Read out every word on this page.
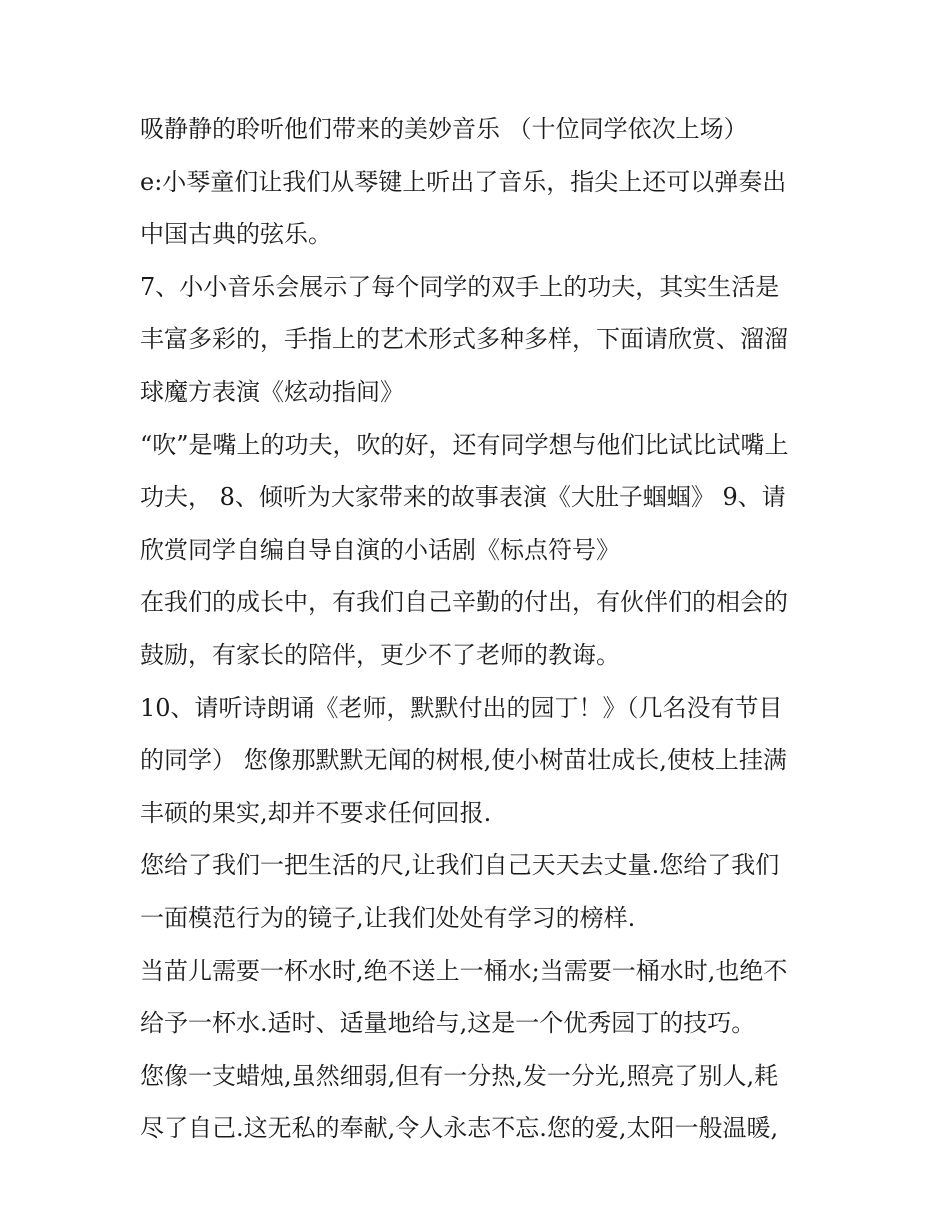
吸静静的聆听他们带来的美妙音乐 （十位同学依次上场）
e:小琴童们让我们从琴键上听出了音乐，指尖上还可以弹奏出
中国古典的弦乐。
7、小小音乐会展示了每个同学的双手上的功夫，其实生活是
丰富多彩的，手指上的艺术形式多种多样，下面请欣赏、溜溜
球魔方表演《炫动指间》
“吹”是嘴上的功夫，吹的好，还有同学想与他们比试比试嘴上
功夫， 8、倾听为大家带来的故事表演《大肚子蝈蝈》 9、请
欣赏同学自编自导自演的小话剧《标点符号》
在我们的成长中，有我们自己辛勤的付出，有伙伴们的相会的
鼓励，有家长的陪伴，更少不了老师的教诲。
10、请听诗朗诵《老师，默默付出的园丁！》（几名没有节目
的同学） 您像那默默无闻的树根,使小树苗壮成长,使枝上挂满
丰硕的果实,却并不要求任何回报.
您给了我们一把生活的尺,让我们自己天天去丈量.您给了我们
一面模范行为的镜子,让我们处处有学习的榜样.
当苗儿需要一杯水时,绝不送上一桶水;当需要一桶水时,也绝不
给予一杯水.适时、适量地给与,这是一个优秀园丁的技巧。
您像一支蜡烛,虽然细弱,但有一分热,发一分光,照亮了别人,耗
尽了自己.这无私的奉献,令人永志不忘.您的爱,太阳一般温暖,
